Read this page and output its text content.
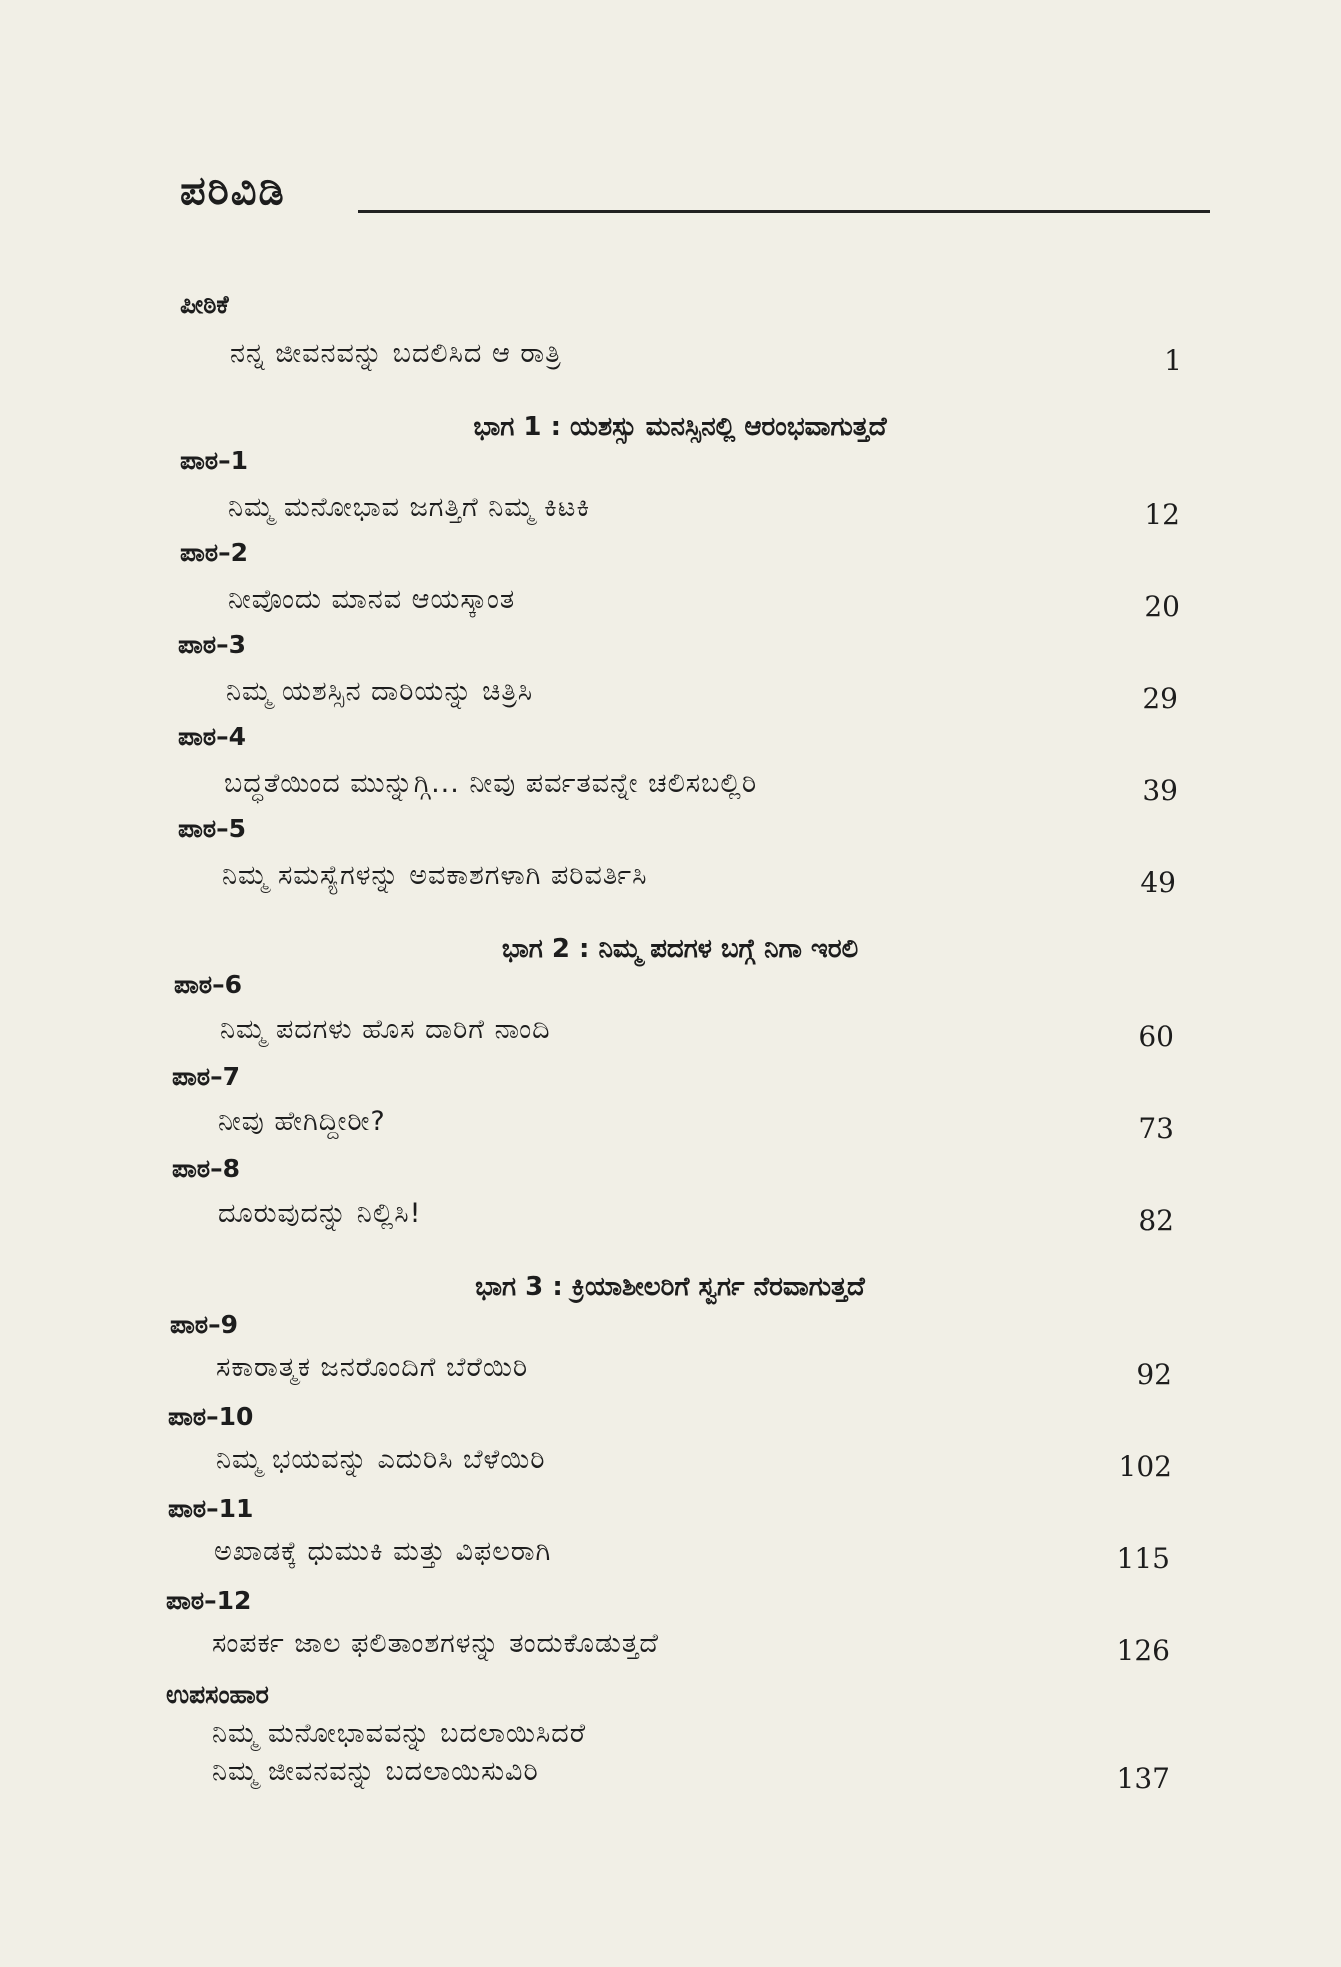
ಪರಿವಿಡಿ
ಪೀಠಿಕೆ
ನನ್ನ ಜೀವನವನ್ನು ಬದಲಿಸಿದ ಆ ರಾತ್ರಿ	1
ಭಾಗ 1 : ಯಶಸ್ಸು ಮನಸ್ಸಿನಲ್ಲಿ ಆರಂಭವಾಗುತ್ತದೆ
ಪಾಠ–1
ನಿಮ್ಮ ಮನೋಭಾವ ಜಗತ್ತಿಗೆ ನಿಮ್ಮ ಕಿಟಕಿ	12
ಪಾಠ–2
ನೀವೊಂದು ಮಾನವ ಆಯಸ್ಕಾಂತ	20
ಪಾಠ–3
ನಿಮ್ಮ ಯಶಸ್ಸಿನ ದಾರಿಯನ್ನು ಚಿತ್ರಿಸಿ	29
ಪಾಠ–4
ಬದ್ಧತೆಯಿಂದ ಮುನ್ನುಗ್ಗಿ... ನೀವು ಪರ್ವತವನ್ನೇ ಚಲಿಸಬಲ್ಲಿರಿ	39
ಪಾಠ–5
ನಿಮ್ಮ ಸಮಸ್ಯೆಗಳನ್ನು ಅವಕಾಶಗಳಾಗಿ ಪರಿವರ್ತಿಸಿ	49
ಭಾಗ 2 : ನಿಮ್ಮ ಪದಗಳ ಬಗ್ಗೆ ನಿಗಾ ಇರಲಿ
ಪಾಠ–6
ನಿಮ್ಮ ಪದಗಳು ಹೊಸ ದಾರಿಗೆ ನಾಂದಿ	60
ಪಾಠ–7
ನೀವು ಹೇಗಿದ್ದೀರೀ?	73
ಪಾಠ–8
ದೂರುವುದನ್ನು ನಿಲ್ಲಿಸಿ!	82
ಭಾಗ 3 : ಕ್ರಿಯಾಶೀಲರಿಗೆ ಸ್ವರ್ಗ ನೆರವಾಗುತ್ತದೆ
ಪಾಠ–9
ಸಕಾರಾತ್ಮಕ ಜನರೊಂದಿಗೆ ಬೆರೆಯಿರಿ	92
ಪಾಠ–10
ನಿಮ್ಮ ಭಯವನ್ನು ಎದುರಿಸಿ ಬೆಳೆಯಿರಿ	102
ಪಾಠ–11
ಅಖಾಡಕ್ಕೆ ಧುಮುಕಿ ಮತ್ತು ವಿಫಲರಾಗಿ	115
ಪಾಠ–12
ಸಂಪರ್ಕ ಜಾಲ ಫಲಿತಾಂಶಗಳನ್ನು ತಂದುಕೊಡುತ್ತದೆ	126
ಉಪಸಂಹಾರ
ನಿಮ್ಮ ಮನೋಭಾವವನ್ನು ಬದಲಾಯಿಸಿದರೆ
ನಿಮ್ಮ ಜೀವನವನ್ನು ಬದಲಾಯಿಸುವಿರಿ	137
